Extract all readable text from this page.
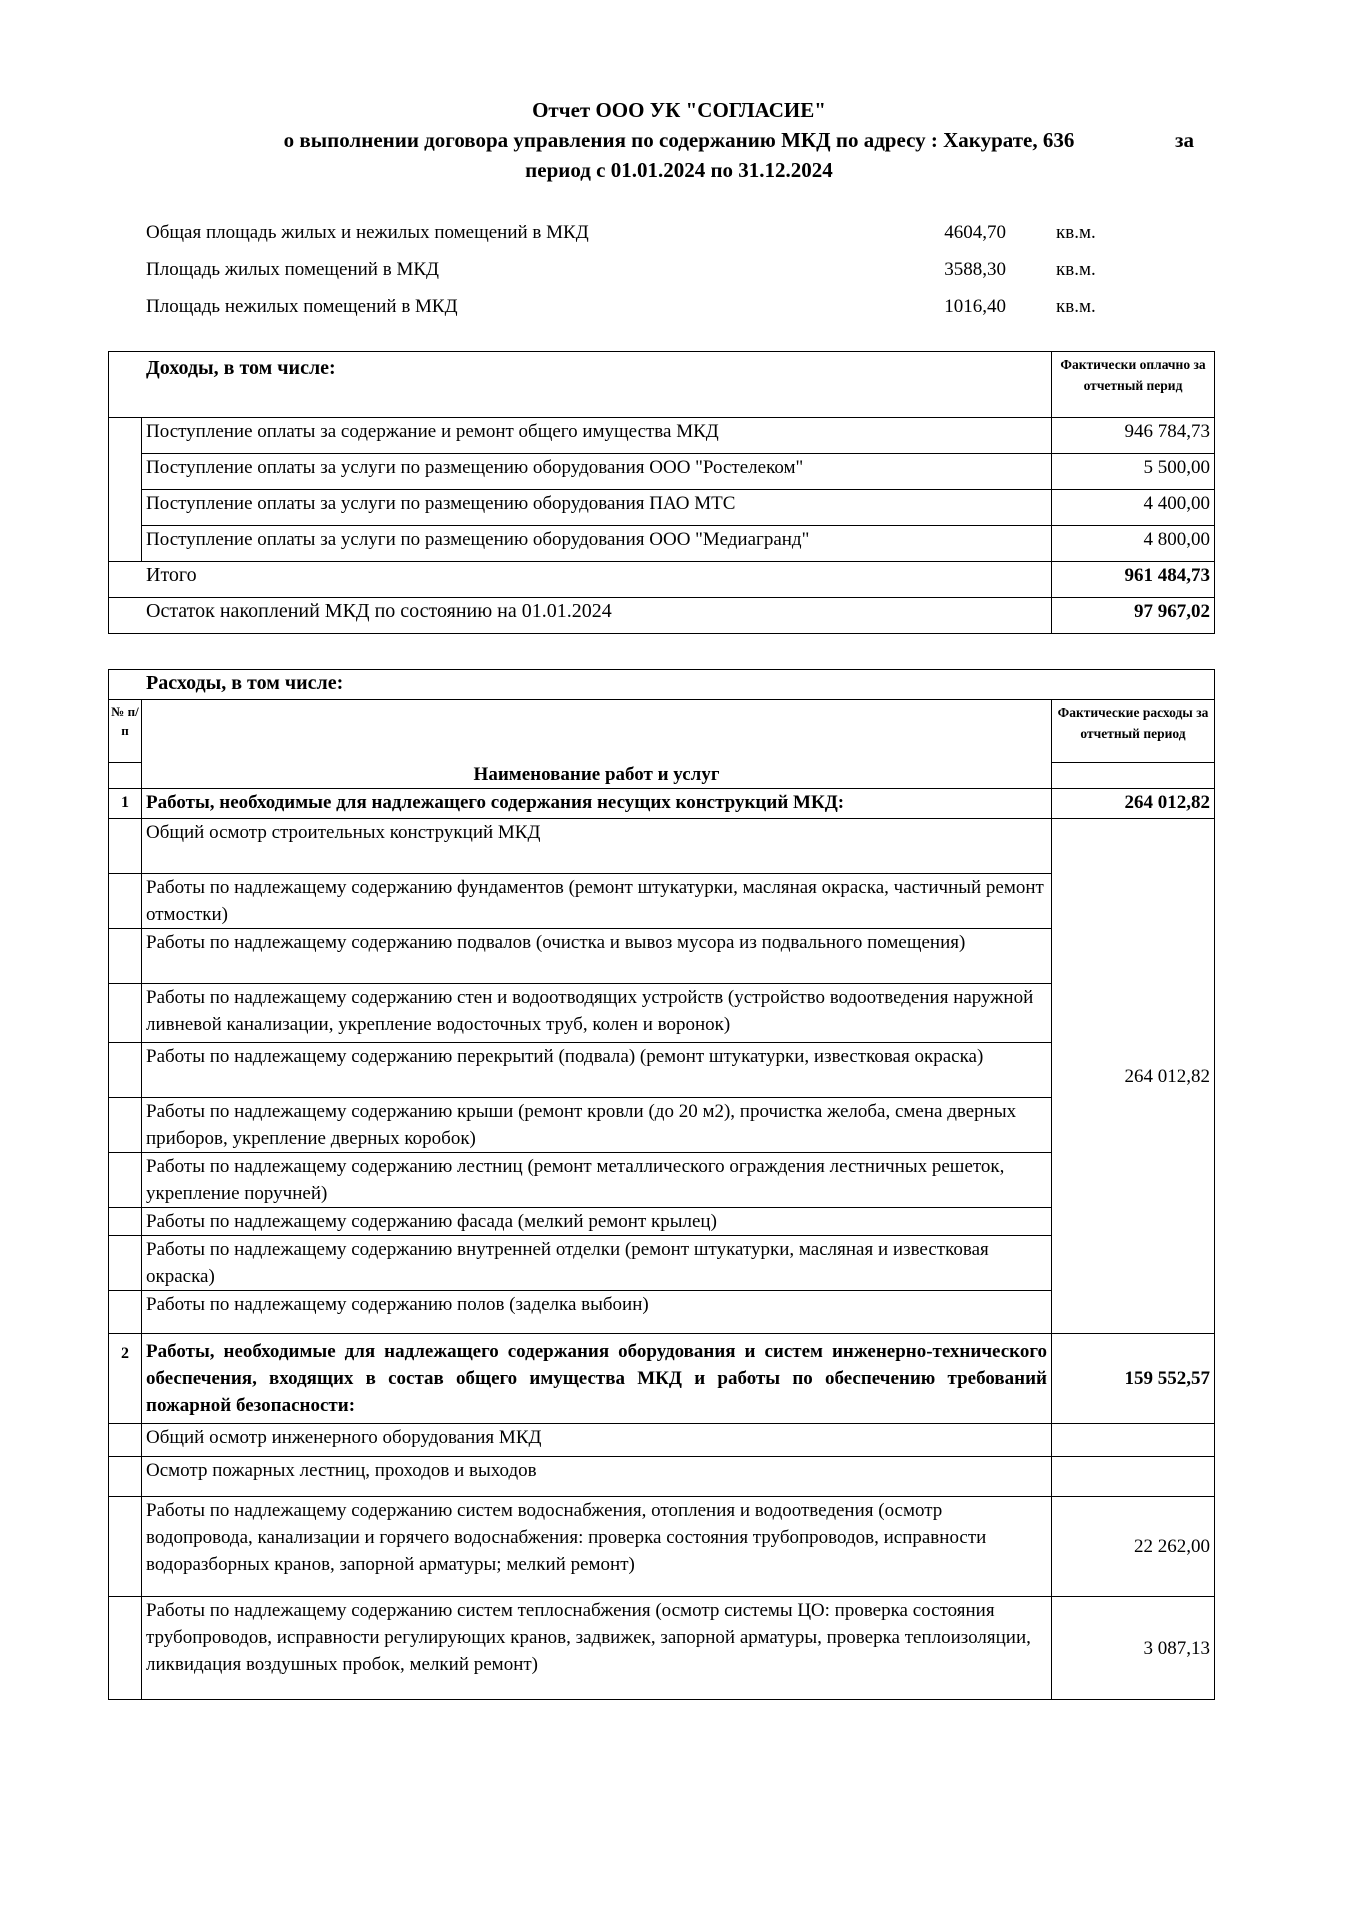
Отчет ООО УК "СОГЛАСИЕ"
о выполнении договора управления по содержанию МКД по адресу : Хакурате, 636	за
период с 01.01.2024 по 31.12.2024
Общая площадь жилых и нежилых помещений в МКД	4604,70	кв.м.
Площадь жилых помещений в МКД	3588,30	кв.м.
Площадь нежилых помещений в МКД	1016,40	кв.м.
Доходы, в том числе:		Фактически оплачно за отчетный перид
	Поступление оплаты за содержание и ремонт общего имущества МКД	946 784,73
	Поступление оплаты за услуги по размещению оборудования ООО "Ростелеком"	5 500,00
	Поступление оплаты за услуги по размещению оборудования ПАО МТС	4 400,00
	Поступление оплаты за услуги по размещению оборудования ООО "Медиагранд"	4 800,00
Итого		961 484,73
Остаток накоплений МКД по состоянию на 01.01.2024		97 967,02
Расходы, в том числе:		
№ п/п		Фактические расходы за отчетный период
	Наименование работ и услуг	
1	Работы, необходимые для надлежащего содержания несущих конструкций МКД:	264 012,82
	Общий осмотр строительных конструкций МКД	264 012,82
	Работы по надлежащему содержанию фундаментов (ремонт штукатурки, масляная окраска, частичный ремонт отмостки)	
	Работы по надлежащему содержанию подвалов (очистка и вывоз мусора из подвального помещения)	
	Работы по надлежащему содержанию стен и водоотводящих устройств (устройство водоотведения наружной ливневой канализации, укрепление водосточных труб, колен и воронок)	
	Работы по надлежащему содержанию перекрытий (подвала) (ремонт штукатурки, известковая окраска)	
	Работы по надлежащему содержанию крыши (ремонт кровли (до 20 м2), прочистка желоба, смена дверных приборов, укрепление дверных коробок)	
	Работы по надлежащему содержанию лестниц (ремонт металлического ограждения лестничных решеток, укрепление поручней)	
	Работы по надлежащему содержанию фасада (мелкий ремонт крылец)	
	Работы по надлежащему содержанию внутренней отделки (ремонт штукатурки, масляная и известковая окраска)	
	Работы по надлежащему содержанию полов (заделка выбоин)	
2	Работы, необходимые для надлежащего содержания оборудования и систем инженерно-технического обеспечения, входящих в состав общего имущества МКД и работы по обеспечению требований пожарной безопасности:	159 552,57
	Общий осмотр инженерного оборудования МКД	
	Осмотр пожарных лестниц, проходов и выходов	
	Работы по надлежащему содержанию систем водоснабжения, отопления и водоотведения (осмотр водопровода, канализации и горячего водоснабжения: проверка состояния трубопроводов, исправности водоразборных кранов, запорной арматуры; мелкий ремонт)	22 262,00
	Работы по надлежащему содержанию систем теплоснабжения (осмотр системы ЦО: проверка состояния трубопроводов, исправности регулирующих кранов, задвижек, запорной арматуры, проверка теплоизоляции, ликвидация воздушных пробок, мелкий ремонт)	3 087,13
